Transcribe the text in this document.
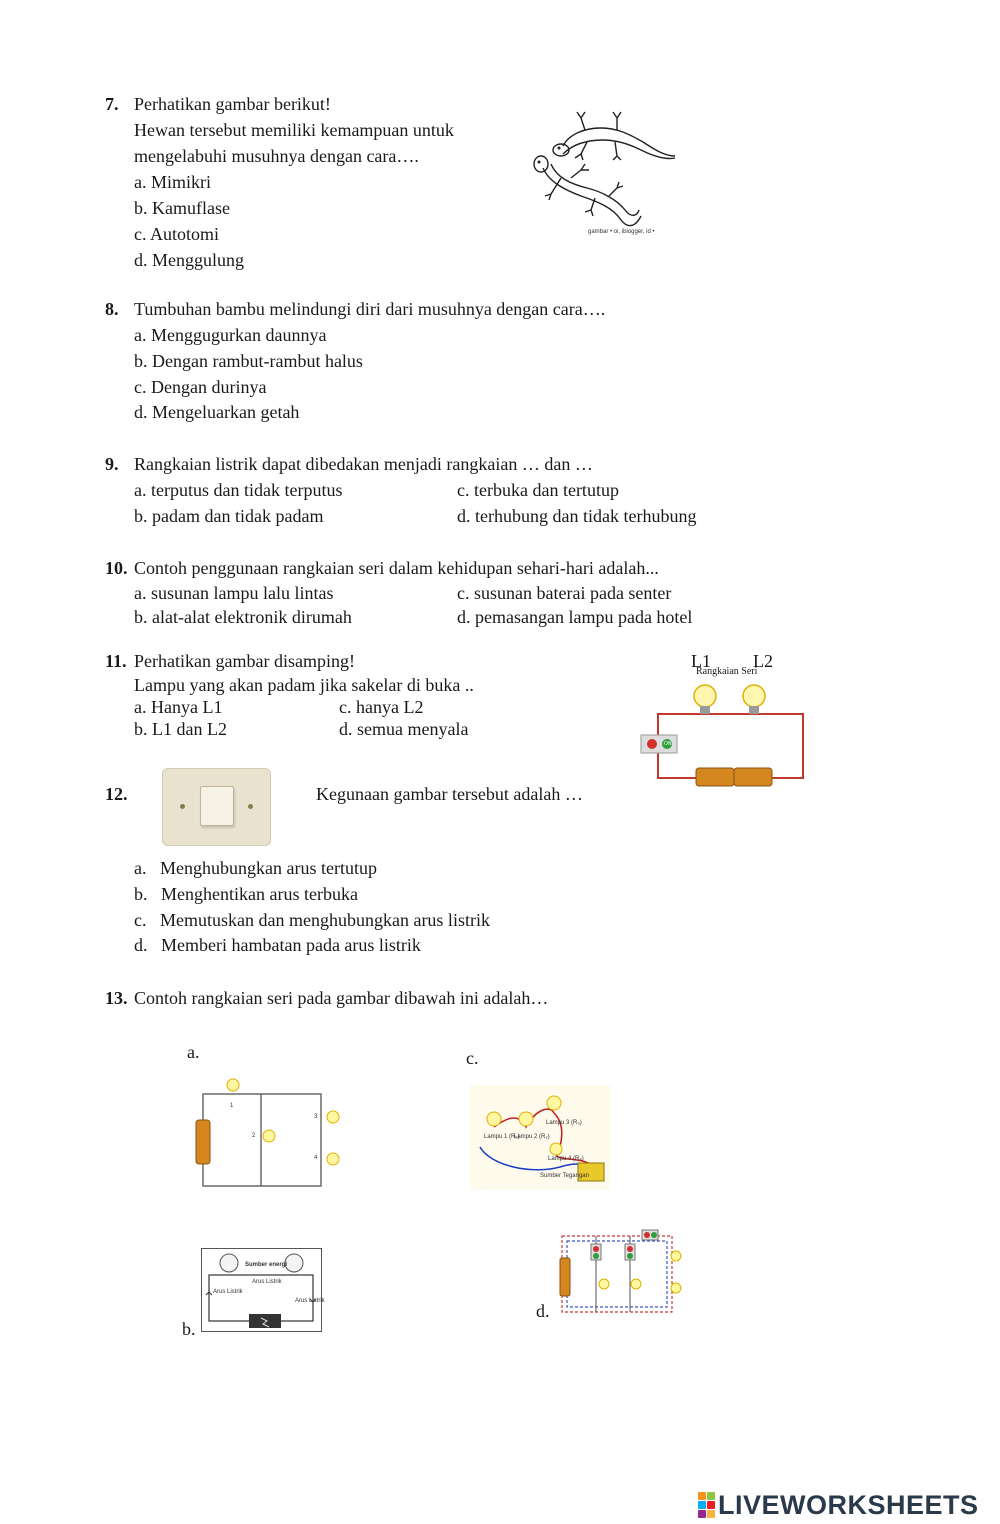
7. Perhatikan gambar berikut!
Hewan tersebut memiliki kemampuan untuk
mengelabuhi musuhnya dengan cara….
a. Mimikri
b. Kamuflase
c. Autotomi
d. Menggulung
gambar • oi, ibiogger, id •
8. Tumbuhan bambu melindungi diri dari musuhnya dengan cara….
a. Menggugurkan daunnya
b. Dengan rambut-rambut halus
c. Dengan durinya
d. Mengeluarkan getah
9. Rangkaian listrik dapat dibedakan menjadi rangkaian … dan …
a. terputus dan tidak terputus	c. terbuka dan tertutup
b. padam dan tidak padam	d. terhubung dan tidak terhubung
10. Contoh penggunaan rangkaian seri dalam kehidupan sehari-hari adalah...
a. susunan lampu lalu lintas	c. susunan baterai pada senter
b. alat-alat elektronik dirumah	d. pemasangan lampu pada hotel
11. Perhatikan gambar disamping!
Lampu yang akan padam jika sakelar di buka ..
a. Hanya L1	c. hanya L2
b. L1 dan L2	d. semua menyala
L1 L2
Rangkaian Seri
ON
12.	Kegunaan gambar tersebut adalah …
a.   Menghubungkan arus tertutup
b.   Menghentikan arus terbuka
c.   Memutuskan dan menghubungkan arus listrik
d.   Memberi hambatan pada arus listrik
13. Contoh rangkaian seri pada gambar dibawah ini adalah…
a.
1
2
3
4
c.
Lampu 1 (R₁)
Lampu 2 (R₂)
Lampu 3 (R₃)
Lampu 4 (R₄)
Sumber Tegangan
Sumber energi
Arus Listrik
Arus Listrik
Arus Listrik
b.
d.
LIVEWORKSHEETS
